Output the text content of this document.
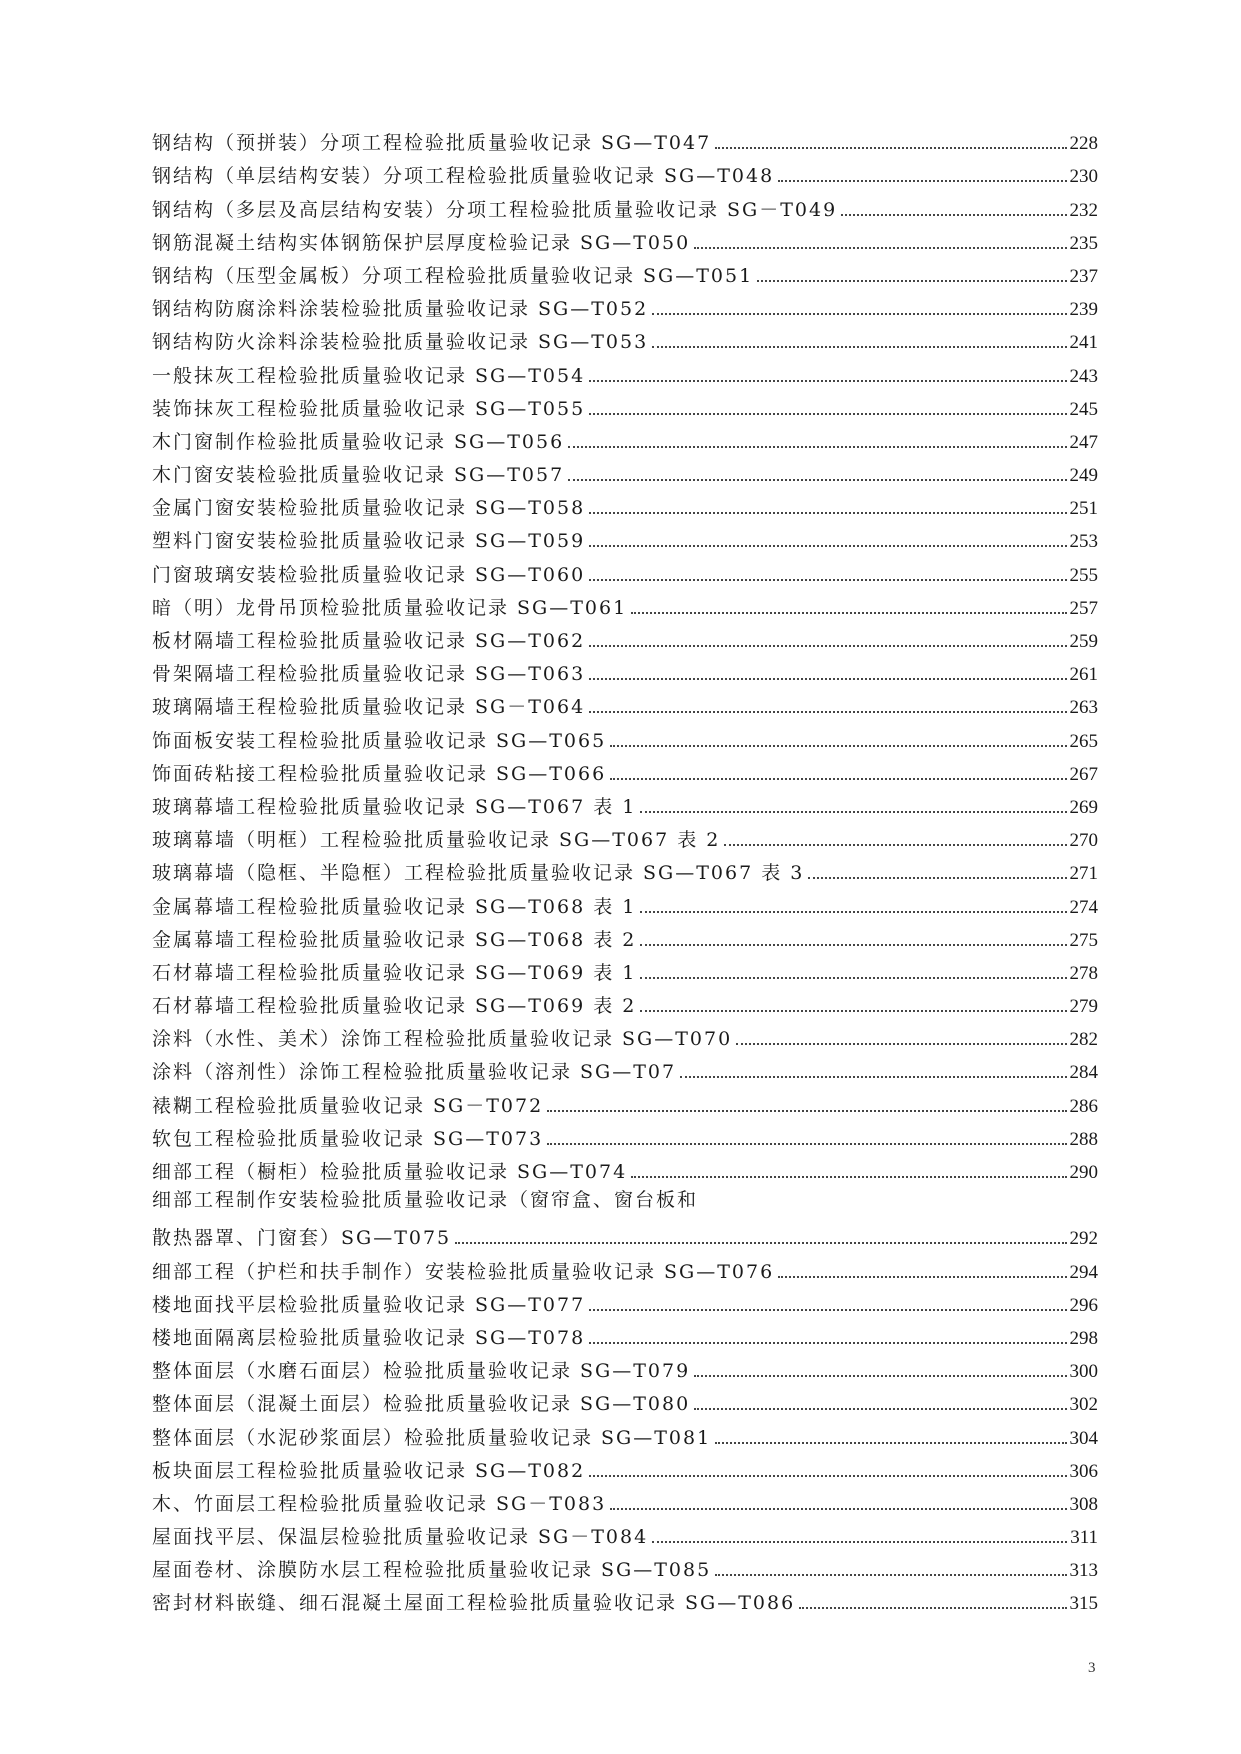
钢结构（预拼装）分项工程检验批质量验收记录 SG—T047	228
钢结构（单层结构安装）分项工程检验批质量验收记录 SG—T048	230
钢结构（多层及高层结构安装）分项工程检验批质量验收记录 SG－T049	232
钢筋混凝土结构实体钢筋保护层厚度检验记录 SG—T050	235
钢结构（压型金属板）分项工程检验批质量验收记录 SG—T051	237
钢结构防腐涂料涂装检验批质量验收记录 SG—T052	239
钢结构防火涂料涂装检验批质量验收记录 SG—T053	241
一般抹灰工程检验批质量验收记录 SG—T054	243
装饰抹灰工程检验批质量验收记录 SG—T055	245
木门窗制作检验批质量验收记录 SG—T056	247
木门窗安装检验批质量验收记录 SG—T057	249
金属门窗安装检验批质量验收记录 SG—T058	251
塑料门窗安装检验批质量验收记录 SG—T059	253
门窗玻璃安装检验批质量验收记录 SG—T060	255
暗（明）龙骨吊顶检验批质量验收记录 SG—T061	257
板材隔墙工程检验批质量验收记录 SG—T062	259
骨架隔墙工程检验批质量验收记录 SG—T063	261
玻璃隔墙王程检验批质量验收记录 SG－T064	263
饰面板安装工程检验批质量验收记录 SG—T065	265
饰面砖粘接工程检验批质量验收记录 SG—T066	267
玻璃幕墙工程检验批质量验收记录 SG—T067 表 1	269
玻璃幕墙（明框）工程检验批质量验收记录 SG—T067 表 2	270
玻璃幕墙（隐框、半隐框）工程检验批质量验收记录 SG—T067 表 3	271
金属幕墙工程检验批质量验收记录 SG—T068 表 1	274
金属幕墙工程检验批质量验收记录 SG—T068 表 2	275
石材幕墙工程检验批质量验收记录 SG—T069 表 1	278
石材幕墙工程检验批质量验收记录 SG—T069 表 2	279
涂料（水性、美术）涂饰工程检验批质量验收记录 SG—T070	282
涂料（溶剂性）涂饰工程检验批质量验收记录 SG—T07	284
裱糊工程检验批质量验收记录 SG－T072	286
软包工程检验批质量验收记录 SG—T073	288
细部工程（橱柜）检验批质量验收记录 SG—T074	290
细部工程制作安装检验批质量验收记录（窗帘盒、窗台板和
散热器罩、门窗套）SG—T075	292
细部工程（护栏和扶手制作）安装检验批质量验收记录 SG—T076	294
楼地面找平层检验批质量验收记录 SG—T077	296
楼地面隔离层检验批质量验收记录 SG—T078	298
整体面层（水磨石面层）检验批质量验收记录 SG—T079	300
整体面层（混凝土面层）检验批质量验收记录 SG—T080	302
整体面层（水泥砂浆面层）检验批质量验收记录 SG—T081	304
板块面层工程检验批质量验收记录 SG—T082	306
木、竹面层工程检验批质量验收记录 SG－T083	308
屋面找平层、保温层检验批质量验收记录 SG－T084	311
屋面卷材、涂膜防水层工程检验批质量验收记录 SG—T085	313
密封材料嵌缝、细石混凝土屋面工程检验批质量验收记录 SG—T086	315
3
